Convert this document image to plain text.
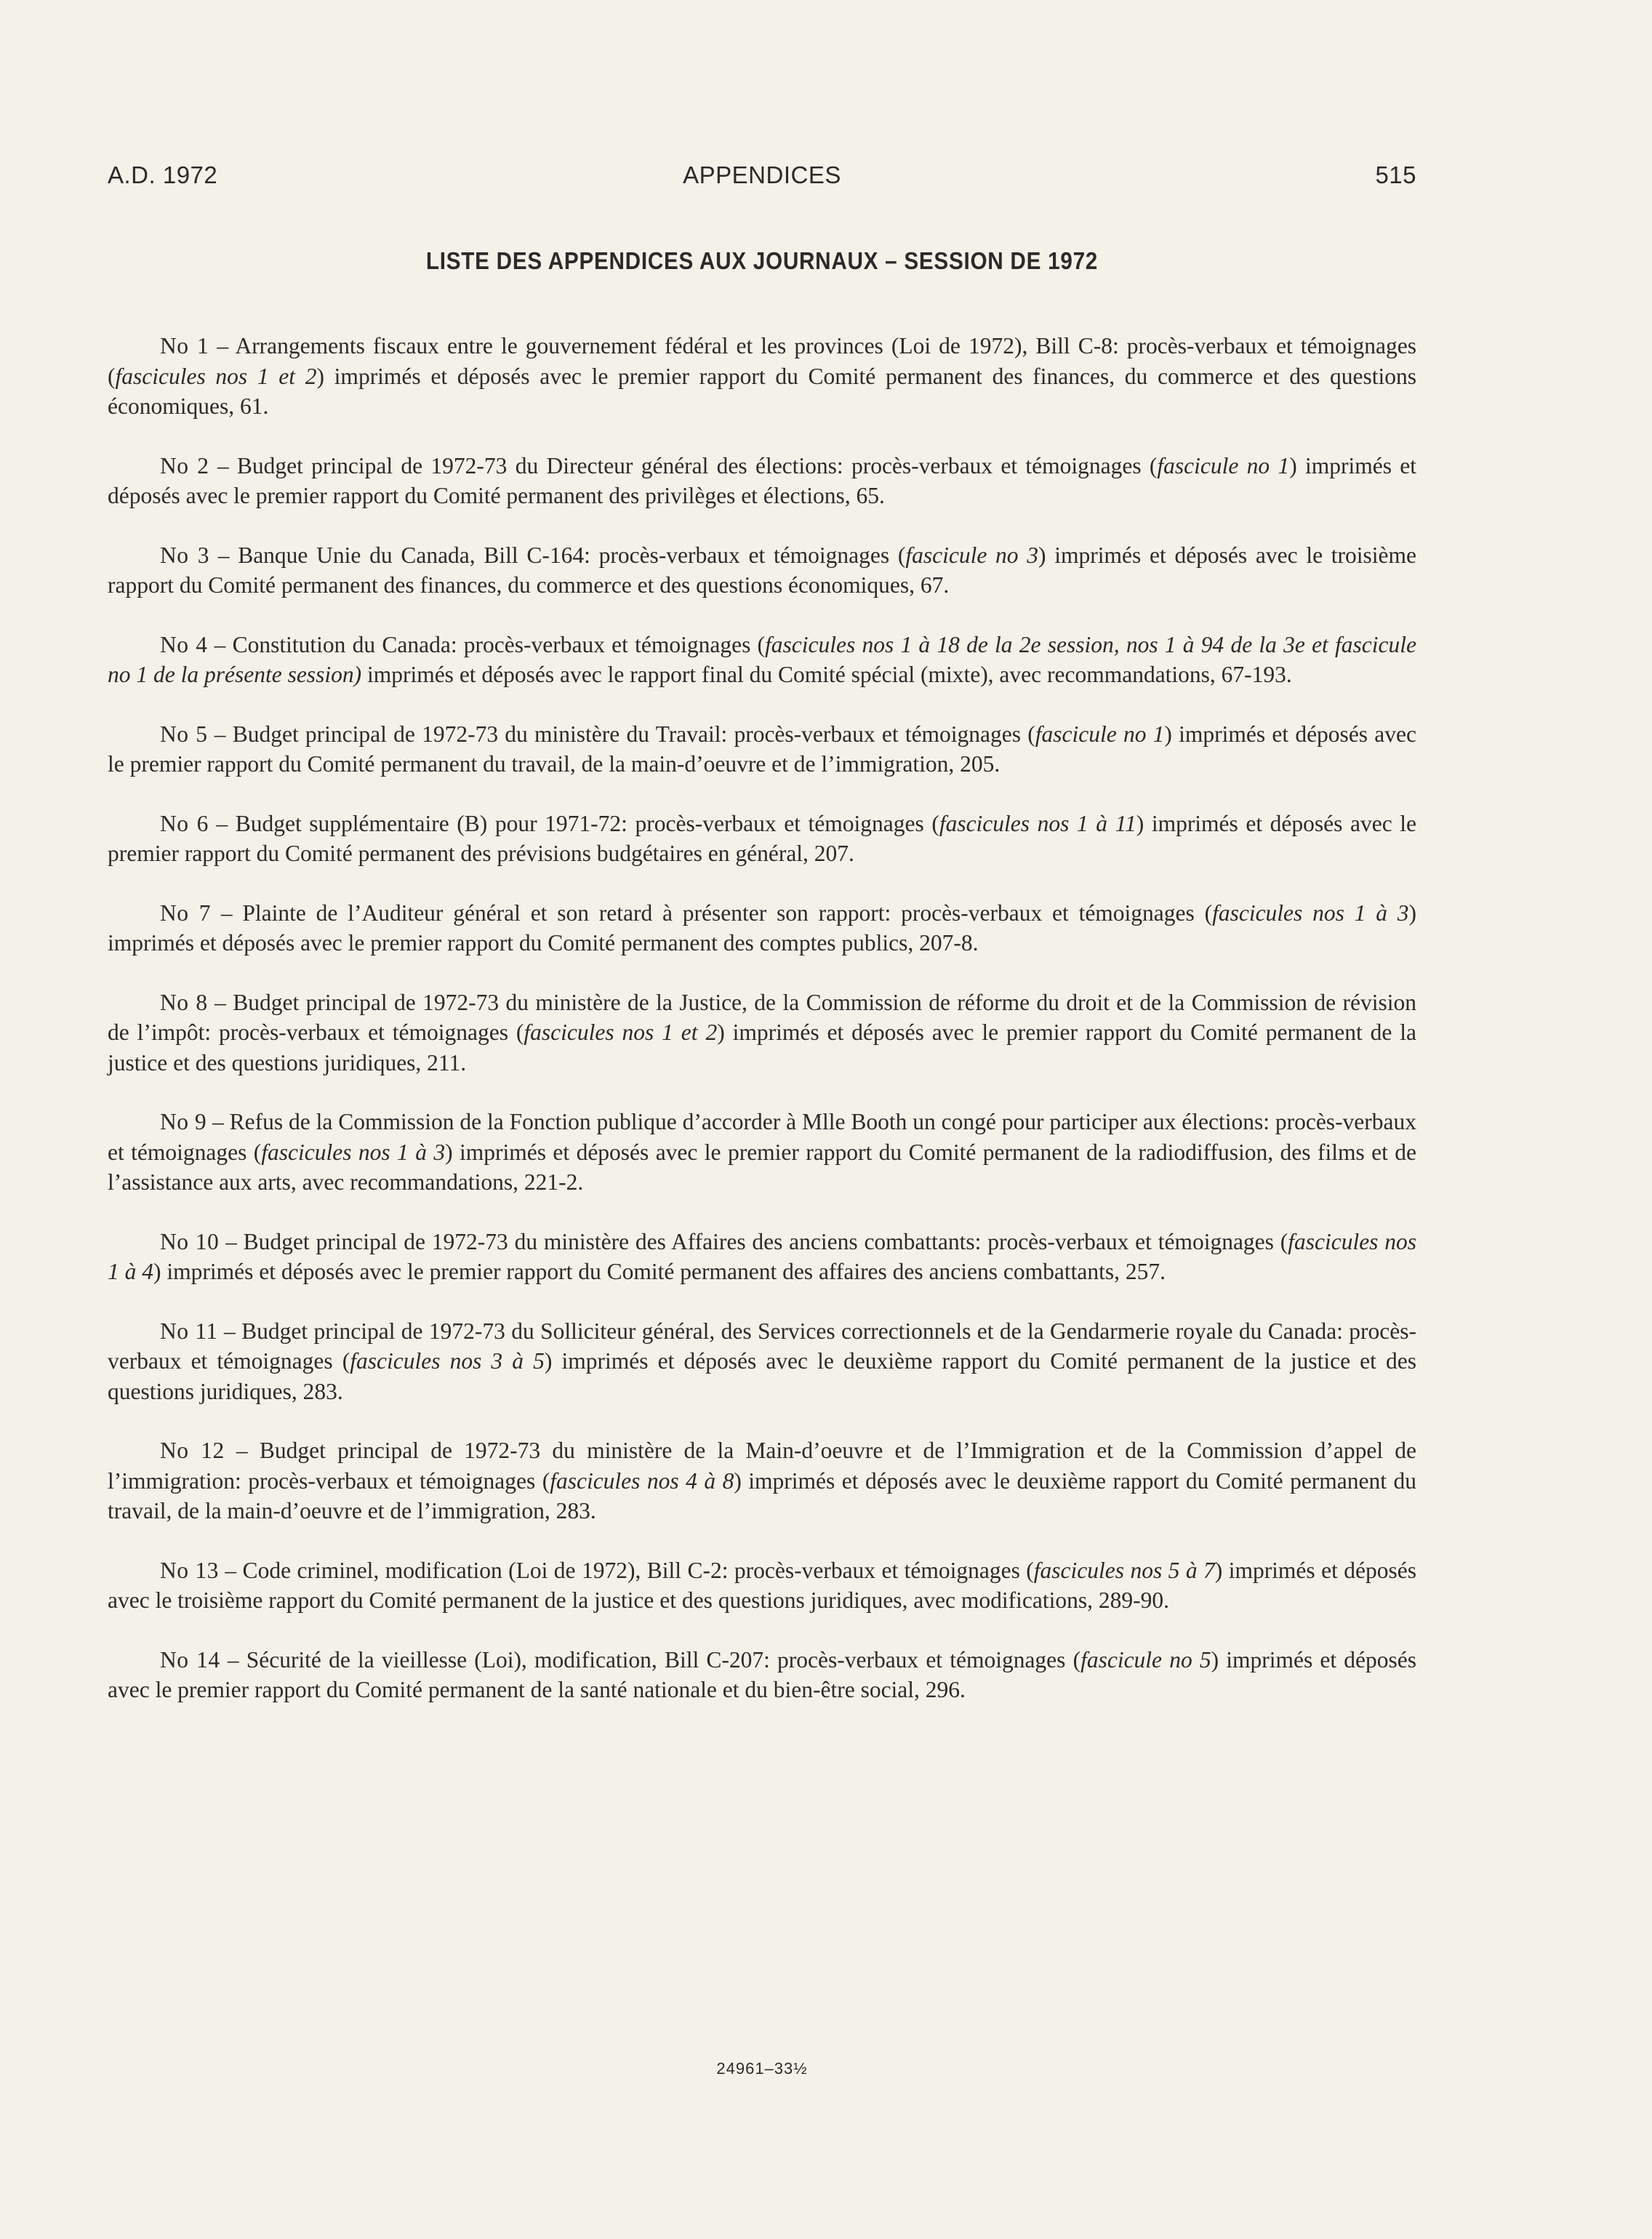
A.D. 1972	APPENDICES	515
LISTE DES APPENDICES AUX JOURNAUX – SESSION DE 1972

No 1 – Arrangements fiscaux entre le gouvernement fédéral et les provinces (Loi de 1972), Bill C-8: procès-verbaux et témoignages (fascicules nos 1 et 2) imprimés et déposés avec le premier rapport du Comité permanent des finances, du commerce et des questions économiques, 61.

No 2 – Budget principal de 1972-73 du Directeur général des élections: procès-verbaux et témoignages (fascicule no 1) imprimés et déposés avec le premier rapport du Comité permanent des privilèges et élections, 65.

No 3 – Banque Unie du Canada, Bill C-164: procès-verbaux et témoignages (fascicule no 3) imprimés et déposés avec le troisième rapport du Comité permanent des finances, du commerce et des questions économiques, 67.

No 4 – Constitution du Canada: procès-verbaux et témoignages (fascicules nos 1 à 18 de la 2e session, nos 1 à 94 de la 3e et fascicule no 1 de la présente session) imprimés et déposés avec le rapport final du Comité spécial (mixte), avec recommandations, 67-193.

No 5 – Budget principal de 1972-73 du ministère du Travail: procès-verbaux et témoignages (fascicule no 1) imprimés et déposés avec le premier rapport du Comité permanent du travail, de la main-d’oeuvre et de l’immigration, 205.

No 6 – Budget supplémentaire (B) pour 1971-72: procès-verbaux et témoignages (fascicules nos 1 à 11) imprimés et déposés avec le premier rapport du Comité permanent des prévisions budgétaires en général, 207.

No 7 – Plainte de l’Auditeur général et son retard à présenter son rapport: procès-verbaux et témoignages (fascicules nos 1 à 3) imprimés et déposés avec le premier rapport du Comité permanent des comptes publics, 207-8.

No 8 – Budget principal de 1972-73 du ministère de la Justice, de la Commission de réforme du droit et de la Commission de révision de l’impôt: procès-verbaux et témoignages (fascicules nos 1 et 2) imprimés et déposés avec le premier rapport du Comité permanent de la justice et des questions juridiques, 211.

No 9 – Refus de la Commission de la Fonction publique d’accorder à Mlle Booth un congé pour participer aux élections: procès-verbaux et témoignages (fascicules nos 1 à 3) imprimés et déposés avec le premier rapport du Comité permanent de la radiodiffusion, des films et de l’assistance aux arts, avec recommandations, 221-2.

No 10 – Budget principal de 1972-73 du ministère des Affaires des anciens combattants: procès-verbaux et témoignages (fascicules nos 1 à 4) imprimés et déposés avec le premier rapport du Comité permanent des affaires des anciens combattants, 257.

No 11 – Budget principal de 1972-73 du Solliciteur général, des Services correctionnels et de la Gendarmerie royale du Canada: procès-verbaux et témoignages (fascicules nos 3 à 5) imprimés et déposés avec le deuxième rapport du Comité permanent de la justice et des questions juridiques, 283.

No 12 – Budget principal de 1972-73 du ministère de la Main-d’oeuvre et de l’Immigration et de la Commission d’appel de l’immigration: procès-verbaux et témoignages (fascicules nos 4 à 8) imprimés et déposés avec le deuxième rapport du Comité permanent du travail, de la main-d’oeuvre et de l’immigration, 283.

No 13 – Code criminel, modification (Loi de 1972), Bill C-2: procès-verbaux et témoignages (fascicules nos 5 à 7) imprimés et déposés avec le troisième rapport du Comité permanent de la justice et des questions juridiques, avec modifications, 289-90.

No 14 – Sécurité de la vieillesse (Loi), modification, Bill C-207: procès-verbaux et témoignages (fascicule no 5) imprimés et déposés avec le premier rapport du Comité permanent de la santé nationale et du bien-être social, 296.

24961–33½
